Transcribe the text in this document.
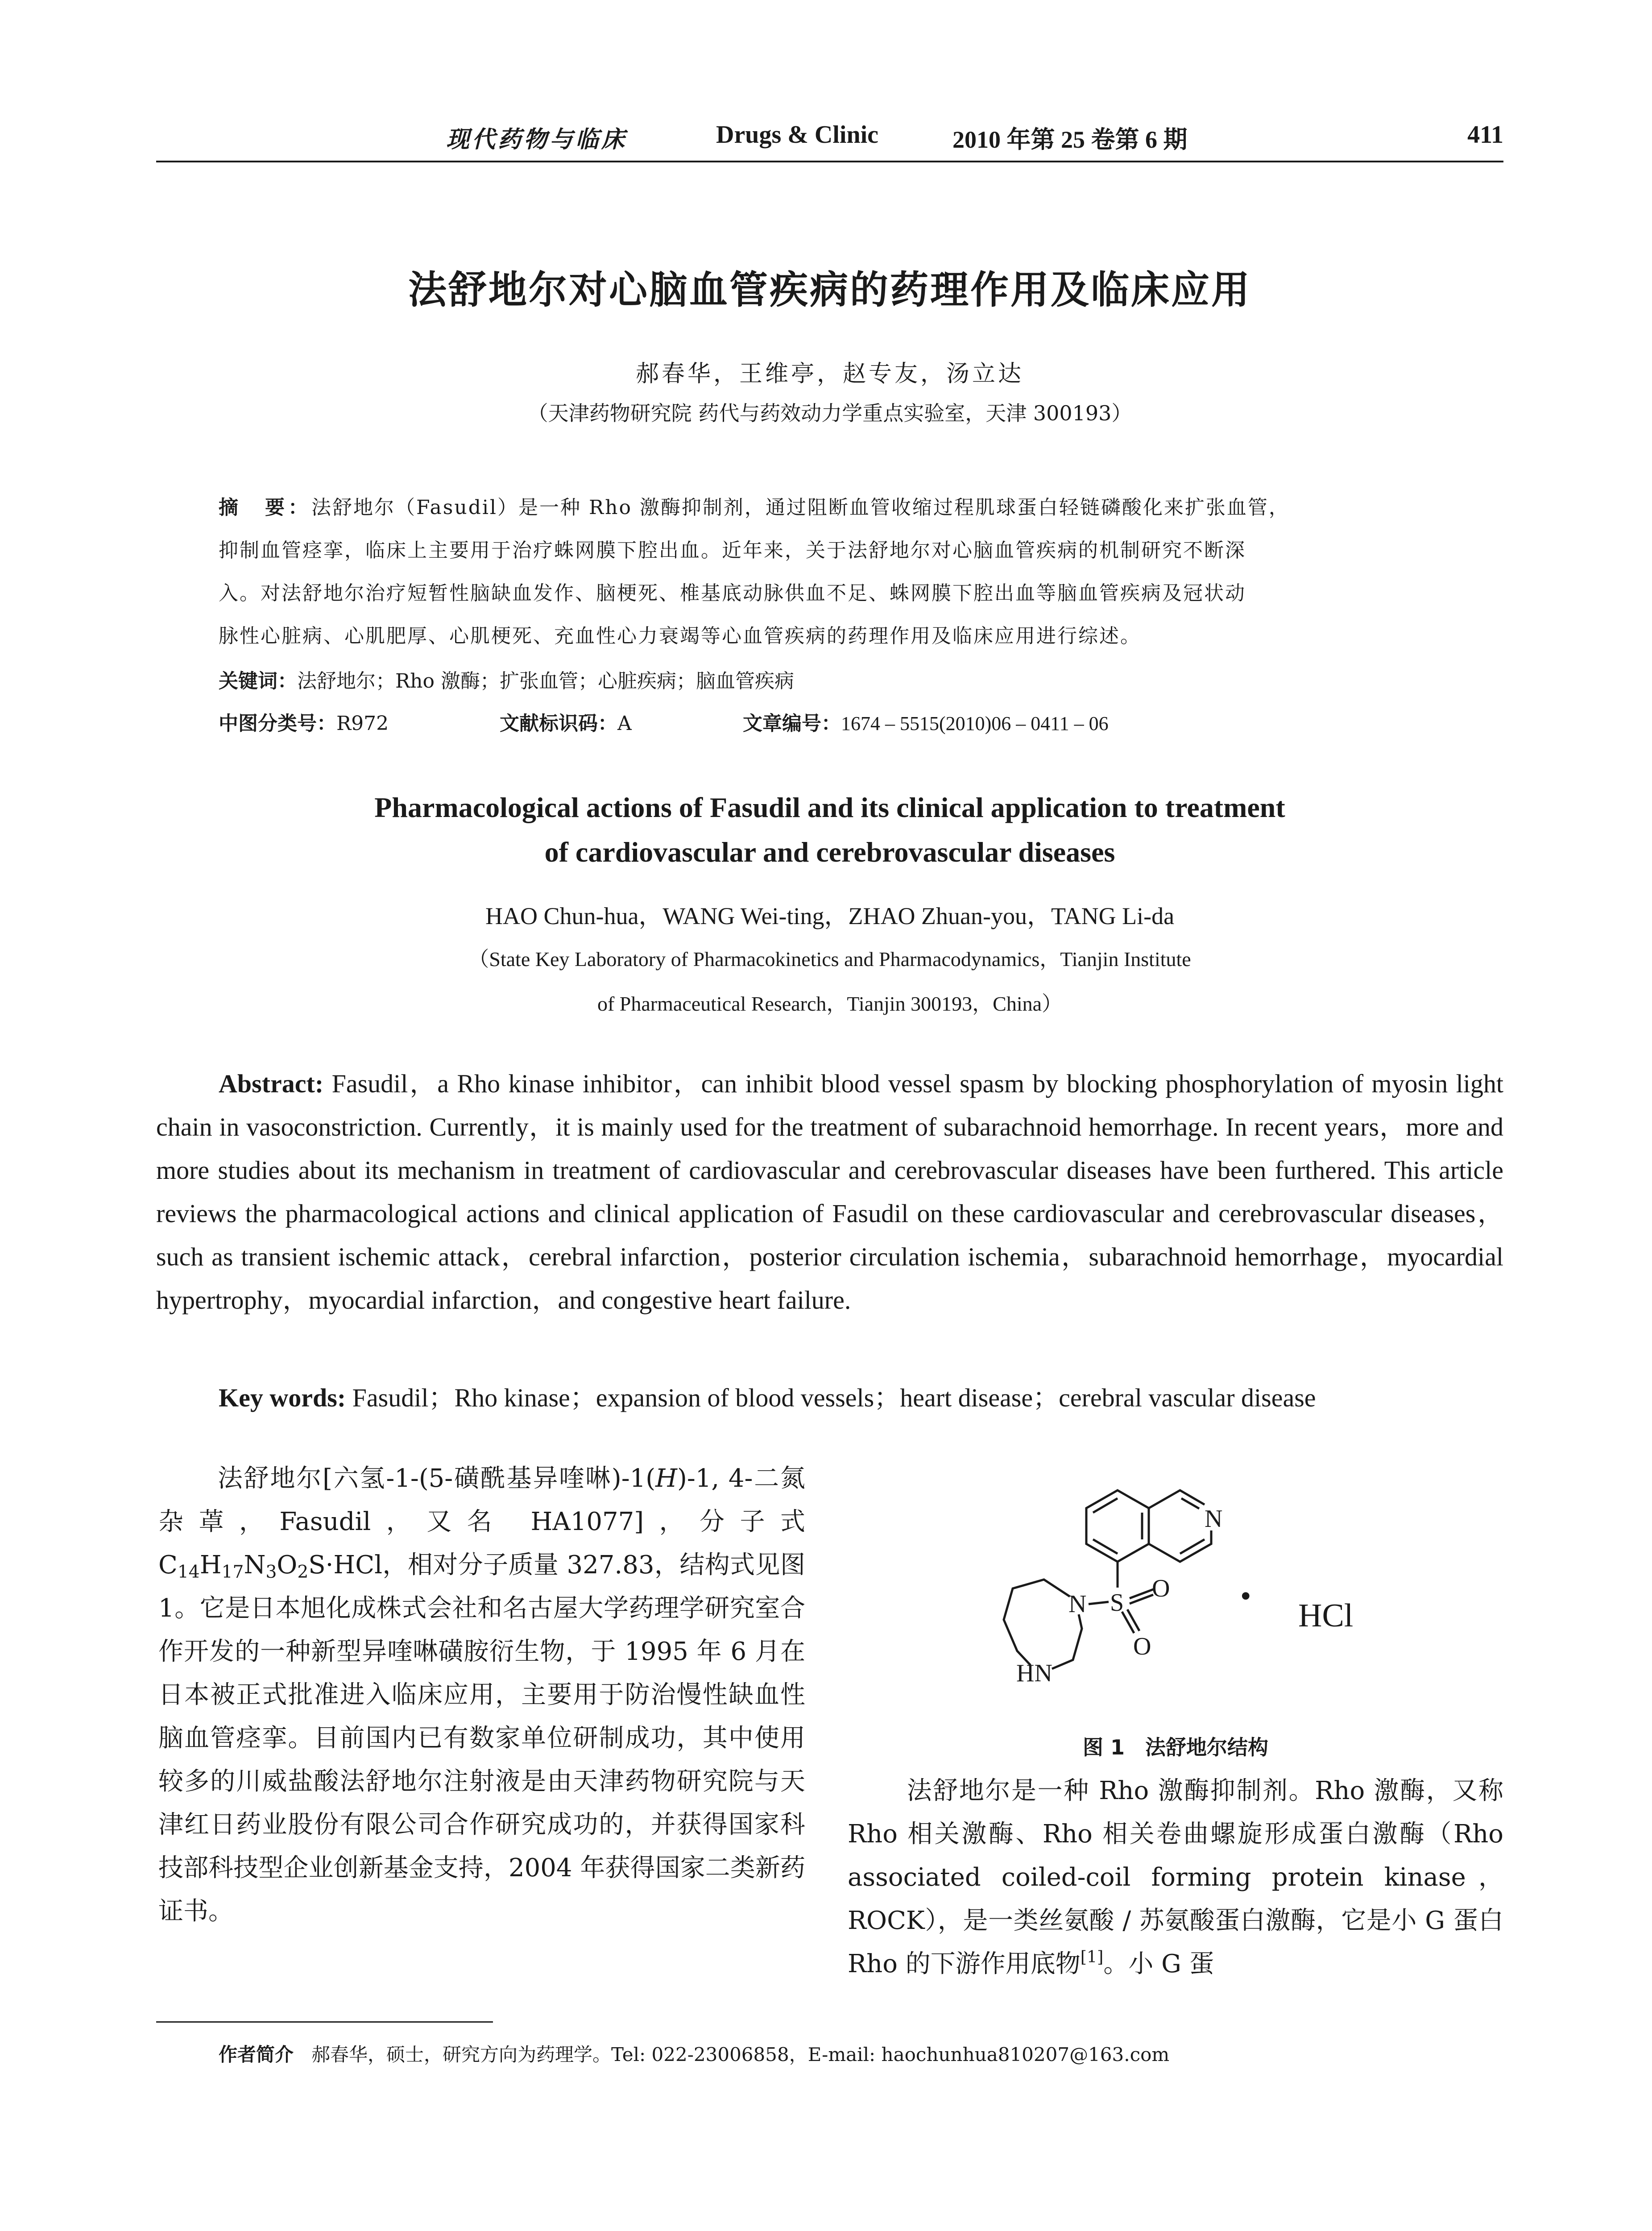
现代药物与临床	Drugs & Clinic	2010 年第 25 卷第 6 期	411
法舒地尔对心脑血管疾病的药理作用及临床应用
郝春华，王维亭，赵专友，汤立达
（天津药物研究院 药代与药效动力学重点实验室，天津 300193）
摘　要：法舒地尔（Fasudil）是一种 Rho 激酶抑制剂，通过阻断血管收缩过程肌球蛋白轻链磷酸化来扩张血管，
抑制血管痉挛，临床上主要用于治疗蛛网膜下腔出血。近年来，关于法舒地尔对心脑血管疾病的机制研究不断深
入。对法舒地尔治疗短暂性脑缺血发作、脑梗死、椎基底动脉供血不足、蛛网膜下腔出血等脑血管疾病及冠状动
脉性心脏病、心肌肥厚、心肌梗死、充血性心力衰竭等心血管疾病的药理作用及临床应用进行综述。
关键词：法舒地尔；Rho 激酶；扩张血管；心脏疾病；脑血管疾病
中图分类号：R972	文献标识码：A	文章编号：1674 – 5515(2010)06 – 0411 – 06
Pharmacological actions of Fasudil and its clinical application to treatment
of cardiovascular and cerebrovascular diseases
HAO Chun-hua，WANG Wei-ting，ZHAO Zhuan-you，TANG Li-da
（State Key Laboratory of Pharmacokinetics and Pharmacodynamics，Tianjin Institute
of Pharmaceutical Research，Tianjin 300193，China）
Abstract: Fasudil，a Rho kinase inhibitor，can inhibit blood vessel spasm by blocking phosphorylation of myosin light chain in vasoconstriction. Currently，it is mainly used for the treatment of subarachnoid hemorrhage. In recent years，more and more studies about its mechanism in treatment of cardiovascular and cerebrovascular diseases have been furthered. This article reviews the pharmacological actions and clinical application of Fasudil on these cardiovascular and cerebrovascular diseases，such as transient ischemic attack，cerebral infarction，posterior circulation ischemia，subarachnoid hemorrhage，myocardial hypertrophy，myocardial infarction，and congestive heart failure.
Key words: Fasudil；Rho kinase；expansion of blood vessels；heart disease；cerebral vascular disease
法舒地尔[六氢-1-(5-磺酰基异喹啉)-1(H)-1, 4-二氮杂䓬，Fasudil，又名 HA1077]，分子式 $C_{14}H_{17}N_3O_2S\cdot HCl$，相对分子质量 327.83，结构式见图 1。它是日本旭化成株式会社和名古屋大学药理学研究室合作开发的一种新型异喹啉磺胺衍生物，于 1995 年 6 月在日本被正式批准进入临床应用，主要用于防治慢性缺血性脑血管痉挛。目前国内已有数家单位研制成功，其中使用较多的川威盐酸法舒地尔注射液是由天津药物研究院与天津红日药业股份有限公司合作研究成功的，并获得国家科技部科技型企业创新基金支持，2004 年获得国家二类新药证书。
N
N S
O
O
HN
•
HCl
图 1　法舒地尔结构
法舒地尔是一种 Rho 激酶抑制剂。Rho 激酶，又称 Rho 相关激酶、Rho 相关卷曲螺旋形成蛋白激酶（Rho associated coiled-coil forming protein kinase，ROCK），是一类丝氨酸 / 苏氨酸蛋白激酶，它是小 G 蛋白 Rho 的下游作用底物[1]。小 G 蛋
作者简介 郝春华，硕士，研究方向为药理学。Tel: 022-23006858，E-mail: haochunhua810207@163.com
